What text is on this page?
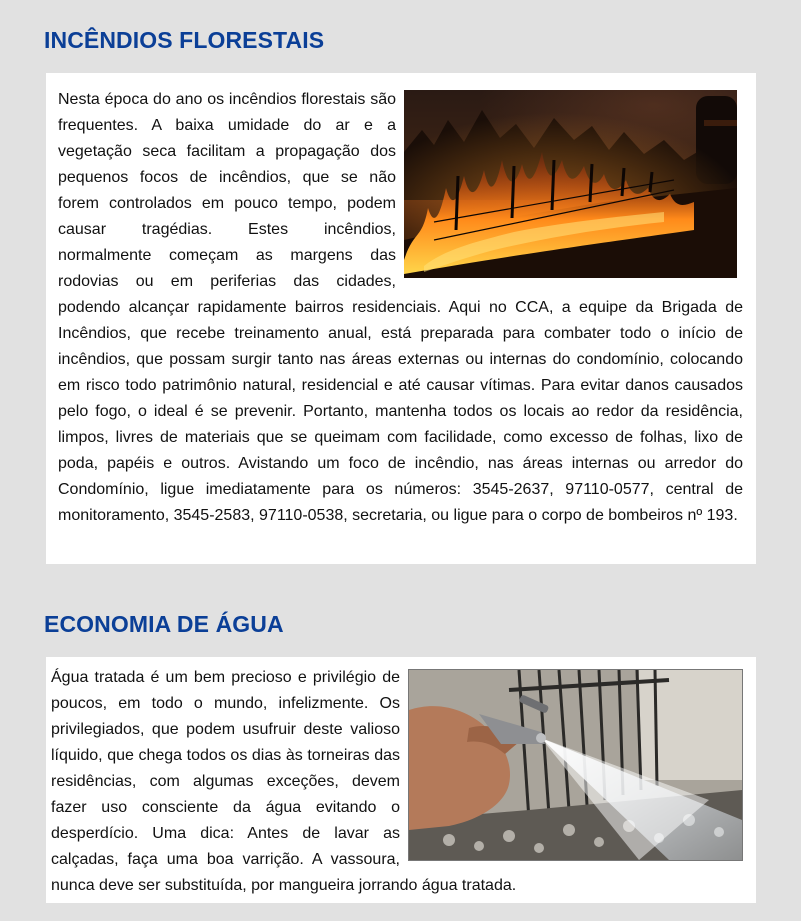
INCÊNDIOS FLORESTAIS

Nesta época do ano os incêndios florestais são frequentes. A baixa umidade do ar e a vegetação seca facilitam a propagação dos pequenos focos de incêndios, que se não forem controlados em pouco tempo, podem causar tragédias. Estes incêndios, normalmente começam as margens das rodovias ou em periferias das cidades, podendo alcançar rapidamente bairros residenciais. Aqui no CCA, a equipe da Brigada de Incêndios, que recebe treinamento anual, está preparada para combater todo o início de incêndios, que possam surgir tanto nas áreas externas ou internas do condomínio, colocando em risco todo patrimônio natural, residencial e até causar vítimas. Para evitar danos causados pelo fogo, o ideal é se prevenir. Portanto, mantenha todos os locais ao redor da residência, limpos, livres de materiais que se queimam com facilidade, como excesso de folhas, lixo de poda, papéis e outros. Avistando um foco de incêndio, nas áreas internas ou arredor do Condomínio, ligue imediatamente para os números: 3545-2637, 97110-0577, central de monitoramento, 3545-2583, 97110-0538, secretaria, ou ligue para o corpo de bombeiros nº 193.

ECONOMIA DE ÁGUA

Água tratada é um bem precioso e privilégio de poucos, em todo o mundo, infelizmente. Os privilegiados, que podem usufruir deste valioso líquido, que chega todos os dias às torneiras das residências, com algumas exceções, devem fazer uso consciente da água evitando o desperdício. Uma dica: Antes de lavar as calçadas, faça uma boa varrição. A vassoura, nunca deve ser substituída, por mangueira jorrando água tratada.
